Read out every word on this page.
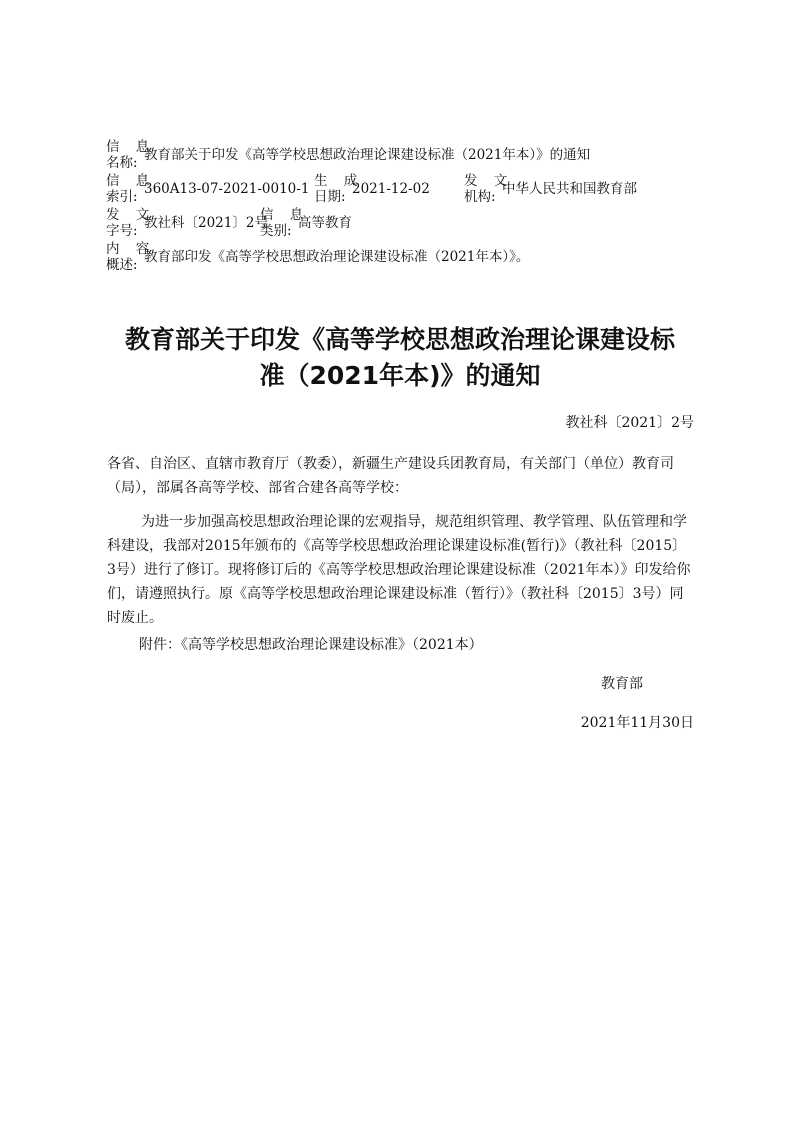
信 息
名称: 教育部关于印发《高等学校思想政治理论课建设标准（2021年本）》的通知
信 息
索引: 360A13-07-2021-0010-1 生 成
日期: 2021-12-02	发 文
机构: 中华人民共和国教育部
发 文
字号: 教社科〔2021〕2号
信 息
类别: 高等教育
内 容
概述: 教育部印发《高等学校思想政治理论课建设标准（2021年本）》。
教育部关于印发《高等学校思想政治理论课建设标
准（2021年本)》的通知
教社科〔2021〕2号
各省、自治区、直辖市教育厅（教委），新疆生产建设兵团教育局，有关部门（单位）教育司（局），部属各高等学校、部省合建各高等学校：
为进一步加强高校思想政治理论课的宏观指导，规范组织管理、教学管理、队伍管理和学科建设，我部对2015年颁布的《高等学校思想政治理论课建设标准(暂行)》（教社科〔2015〕3号）进行了修订。现将修订后的《高等学校思想政治理论课建设标准（2021年本）》印发给你们，请遵照执行。原《高等学校思想政治理论课建设标准（暂行）》（教社科〔2015〕3号）同时废止。
附件：《高等学校思想政治理论课建设标准》（2021本）
教育部
2021年11月30日
